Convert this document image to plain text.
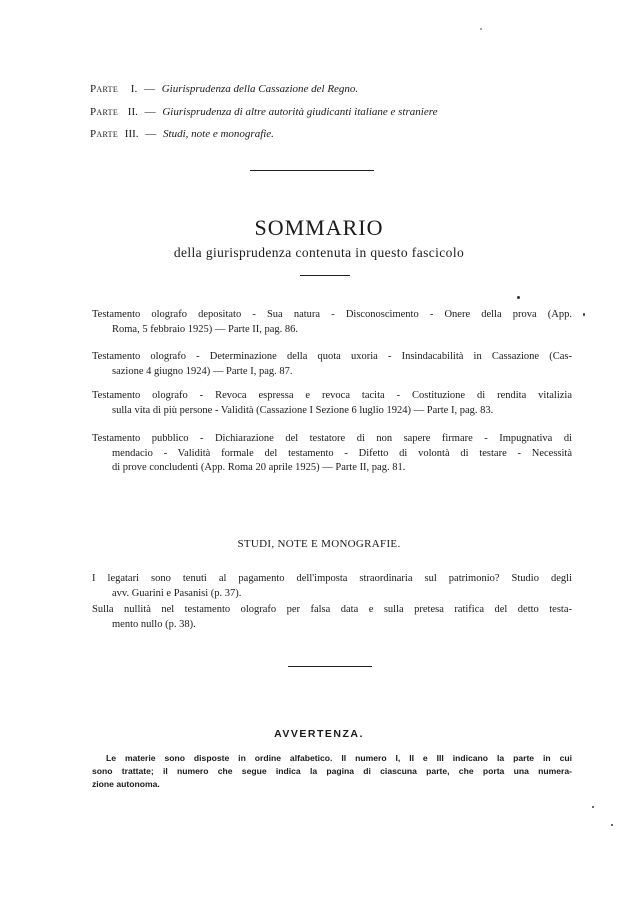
Parte I. — Giurisprudenza della Cassazione del Regno.
Parte II. — Giurisprudenza di altre autorità giudicanti italiane e straniere
Parte III. — Studi, note e monografie.
SOMMARIO
della giurisprudenza contenuta in questo fascicolo
Testamento olografo depositato - Sua natura - Disconoscimento - Onere della prova (App.
Roma, 5 febbraio 1925) — Parte II, pag. 86.
Testamento olografo - Determinazione della quota uxoria - Insindacabilità in Cassazione (Cas-
sazione 4 giugno 1924) — Parte I, pag. 87.
Testamento olografo - Revoca espressa e revoca tacita - Costituzione di rendita vitalizia
sulla vita di più persone - Validità (Cassazione I Sezione 6 luglio 1924) — Parte I, pag. 83.
Testamento pubblico - Dichiarazione del testatore di non sapere firmare - Impugnativa di
mendacio - Validità formale del testamento - Difetto di volontà di testare - Necessità
di prove concludenti (App. Roma 20 aprile 1925) — Parte II, pag. 81.
STUDI, NOTE E MONOGRAFIE.
I legatari sono tenuti al pagamento dell'imposta straordinaria sul patrimonio? Studio degli
avv. Guarini e Pasanisi (p. 37).
Sulla nullità nel testamento olografo per falsa data e sulla pretesa ratifica del detto testa-
mento nullo (p. 38).
AVVERTENZA.
Le materie sono disposte in ordine alfabetico. Il numero I, II e III indicano la parte in cui
sono trattate; il numero che segue indica la pagina di ciascuna parte, che porta una numera-
zione autonoma.
